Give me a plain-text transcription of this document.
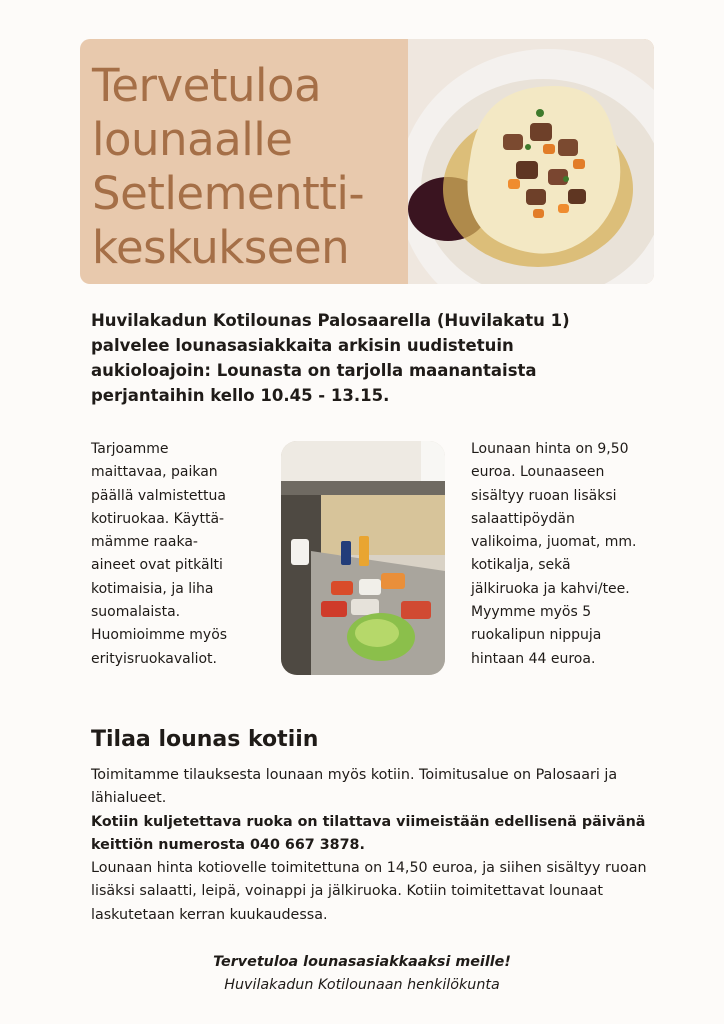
Tervetuloa
lounaalle
Setlementti-
keskukseen

Huvilakadun Kotilounas Palosaarella (Huvilakatu 1) palvelee lounasasiakkaita arkisin uudistetuin aukioloajoin: Lounasta on tarjolla maanantaista perjantaihin kello 10.45 - 13.15.

Tarjoamme
maittavaa, paikan
päällä valmistettua
kotiruokaa. Käyttä-
mämme raaka-
aineet ovat pitkälti
kotimaisia, ja liha
suomalaista.
Huomioimme myös
erityisruokavaliot.

Lounaan hinta on 9,50
euroa. Lounaaseen
sisältyy ruoan lisäksi
salaattipöydän
valikoima, juomat, mm.
kotikalja, sekä
jälkiruoka ja kahvi/tee.
Myymme myös 5
ruokalipun nippuja
hintaan 44 euroa.

Tilaa lounas kotiin
Toimitamme tilauksesta lounaan myös kotiin. Toimitusalue on Palosaari ja lähialueet.
Kotiin kuljetettava ruoka on tilattava viimeistään edellisenä päivänä keittiön numerosta 040 667 3878.
Lounaan hinta kotiovelle toimitettuna on 14,50 euroa, ja siihen sisältyy ruoan lisäksi salaatti, leipä, voinappi ja jälkiruoka. Kotiin toimitettavat lounaat laskutetaan kerran kuukaudessa.
Tervetuloa lounasasiakkaaksi meille!
Huvilakadun Kotilounaan henkilökunta
